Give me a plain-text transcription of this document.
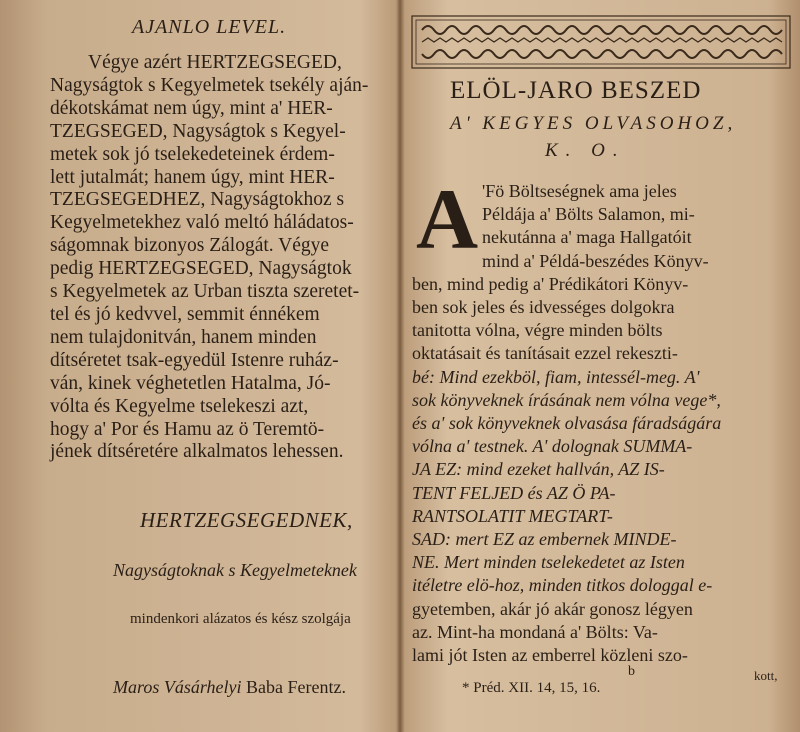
AJANLO LEVEL.
Végye azért HERTZEGSEGED,
Nagyságtok s Kegyelmetek tsekély aján-
dékotskámat nem úgy, mint a' HER-
TZEGSEGED, Nagyságtok s Kegyel-
metek sok jó tselekedeteinek érdem-
lett jutalmát; hanem úgy, mint HER-
TZEGSEGEDHEZ, Nagyságtokhoz s
Kegyelmetekhez való meltó háládatos-
ságomnak bizonyos Zálogát. Végye
pedig HERTZEGSEGED, Nagyságtok
s Kegyelmetek az Urban tiszta szeretet-
tel és jó kedvvel, semmit énnékem
nem tulajdonitván, hanem minden
dítséretet tsak-egyedül Istenre ruház-
ván, kinek véghetetlen Hatalma, Jó-
vólta és Kegyelme tselekeszi azt,
hogy a' Por és Hamu az ö Teremtö-
jének dítséretére alkalmatos lehessen.
HERTZEGSEGEDNEK,
Nagyságtoknak s Kegyelmeteknek
mindenkori alázatos és kész szolgája
Maros Vásárhelyi Baba Ferentz.
ELÖL-JARO BESZED
A' KEGYES OLVASOHOZ,
K. O.
A 'Fö Böltseségnek ama jeles
Példája a' Bölts Salamon, mi-
nekutánna a' maga Hallgatóit
mind a' Példá-beszédes Könyv-
ben, mind pedig a' Prédikátori Könyv-
ben sok jeles és idvességes dolgokra
tanitotta vólna, végre minden bölts
oktatásait és tanításait ezzel rekeszti-
bé: Mind ezekböl, fiam, intessél-meg. A'
sok könyveknek írásának nem vólna vege*,
és a' sok könyveknek olvasása fáradságára
vólna a' testnek. A' dolognak SUMMA-
JA EZ: mind ezeket hallván, AZ IS-
TENT FELJED és AZ Ö PA-
RANTSOLATIT MEGTART-
SAD: mert EZ az embernek MINDE-
NE. Mert minden tselekedetet az Isten
itéletre elö-hoz, minden titkos dologgal e-
gyetemben, akár jó akár gonosz légyen
az. Mint-ha mondaná a' Bölts: Va-
lami jót Isten az emberrel közleni szo-
b	kott,
* Préd. XII. 14, 15, 16.
